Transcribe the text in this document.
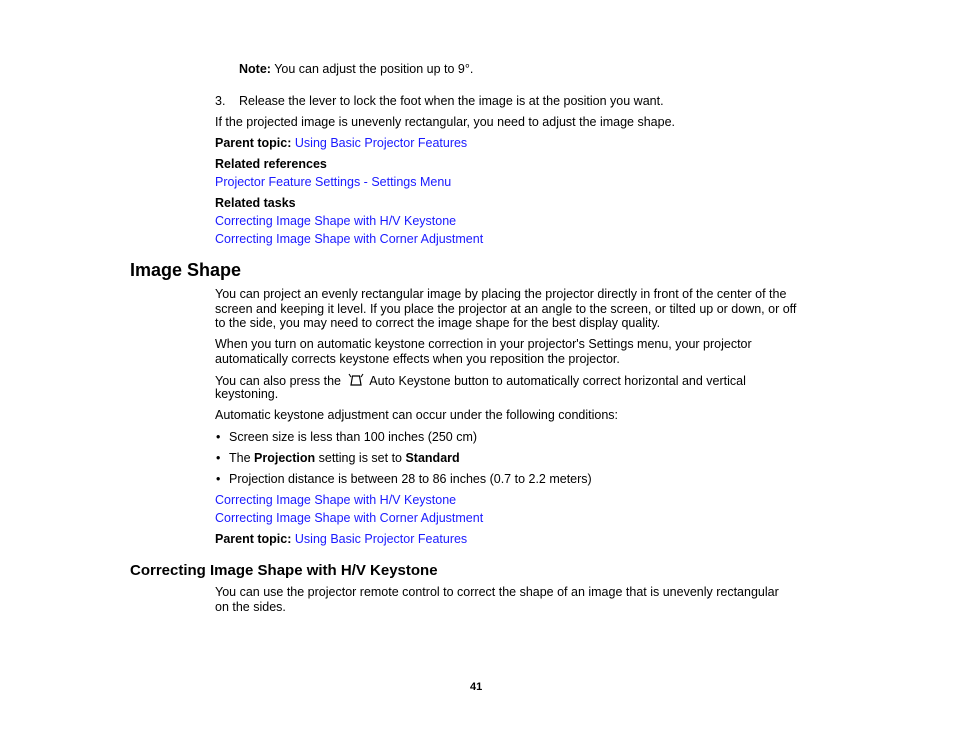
Note: You can adjust the position up to 9°.
3. Release the lever to lock the foot when the image is at the position you want.
If the projected image is unevenly rectangular, you need to adjust the image shape.
Parent topic: Using Basic Projector Features
Related references
Projector Feature Settings - Settings Menu
Related tasks
Correcting Image Shape with H/V Keystone
Correcting Image Shape with Corner Adjustment
Image Shape
You can project an evenly rectangular image by placing the projector directly in front of the center of the
screen and keeping it level. If you place the projector at an angle to the screen, or tilted up or down, or off
to the side, you may need to correct the image shape for the best display quality.
When you turn on automatic keystone correction in your projector's Settings menu, your projector
automatically corrects keystone effects when you reposition the projector.
You can also press the Auto Keystone button to automatically correct horizontal and vertical
keystoning.
Automatic keystone adjustment can occur under the following conditions:
• Screen size is less than 100 inches (250 cm)
• The Projection setting is set to Standard
• Projection distance is between 28 to 86 inches (0.7 to 2.2 meters)
Correcting Image Shape with H/V Keystone
Correcting Image Shape with Corner Adjustment
Parent topic: Using Basic Projector Features
Correcting Image Shape with H/V Keystone
You can use the projector remote control to correct the shape of an image that is unevenly rectangular
on the sides.
41
